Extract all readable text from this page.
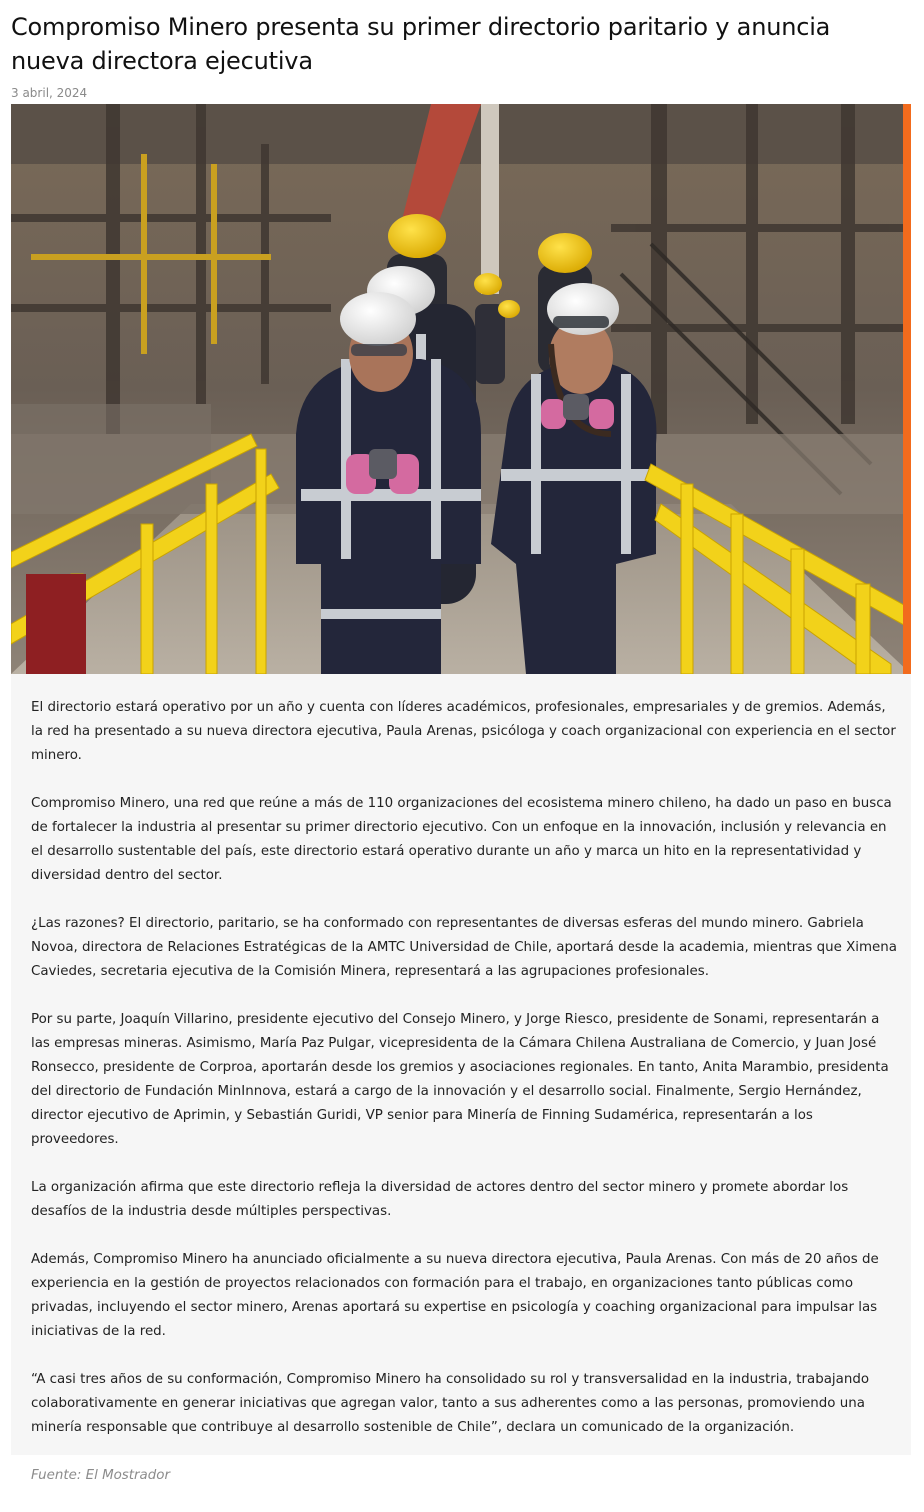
Compromiso Minero presenta su primer directorio paritario y anuncia nueva directora ejecutiva
3 abril, 2024

El directorio estará operativo por un año y cuenta con líderes académicos, profesionales, empresariales y de gremios. Además, la red ha presentado a su nueva directora ejecutiva, Paula Arenas, psicóloga y coach organizacional con experiencia en el sector minero.

Compromiso Minero, una red que reúne a más de 110 organizaciones del ecosistema minero chileno, ha dado un paso en busca de fortalecer la industria al presentar su primer directorio ejecutivo. Con un enfoque en la innovación, inclusión y relevancia en el desarrollo sustentable del país, este directorio estará operativo durante un año y marca un hito en la representatividad y diversidad dentro del sector.

¿Las razones? El directorio, paritario, se ha conformado con representantes de diversas esferas del mundo minero. Gabriela Novoa, directora de Relaciones Estratégicas de la AMTC Universidad de Chile, aportará desde la academia, mientras que Ximena Caviedes, secretaria ejecutiva de la Comisión Minera, representará a las agrupaciones profesionales.

Por su parte, Joaquín Villarino, presidente ejecutivo del Consejo Minero, y Jorge Riesco, presidente de Sonami, representarán a las empresas mineras. Asimismo, María Paz Pulgar, vicepresidenta de la Cámara Chilena Australiana de Comercio, y Juan José Ronsecco, presidente de Corproa, aportarán desde los gremios y asociaciones regionales. En tanto, Anita Marambio, presidenta del directorio de Fundación MinInnova, estará a cargo de la innovación y el desarrollo social. Finalmente, Sergio Hernández, director ejecutivo de Aprimin, y Sebastián Guridi, VP senior para Minería de Finning Sudamérica, representarán a los proveedores.

La organización afirma que este directorio refleja la diversidad de actores dentro del sector minero y promete abordar los desafíos de la industria desde múltiples perspectivas.

Además, Compromiso Minero ha anunciado oficialmente a su nueva directora ejecutiva, Paula Arenas. Con más de 20 años de experiencia en la gestión de proyectos relacionados con formación para el trabajo, en organizaciones tanto públicas como privadas, incluyendo el sector minero, Arenas aportará su expertise en psicología y coaching organizacional para impulsar las iniciativas de la red.

“A casi tres años de su conformación, Compromiso Minero ha consolidado su rol y transversalidad en la industria, trabajando colaborativamente en generar iniciativas que agregan valor, tanto a sus adherentes como a las personas, promoviendo una minería responsable que contribuye al desarrollo sostenible de Chile”, declara un comunicado de la organización.

Fuente: El Mostrador
